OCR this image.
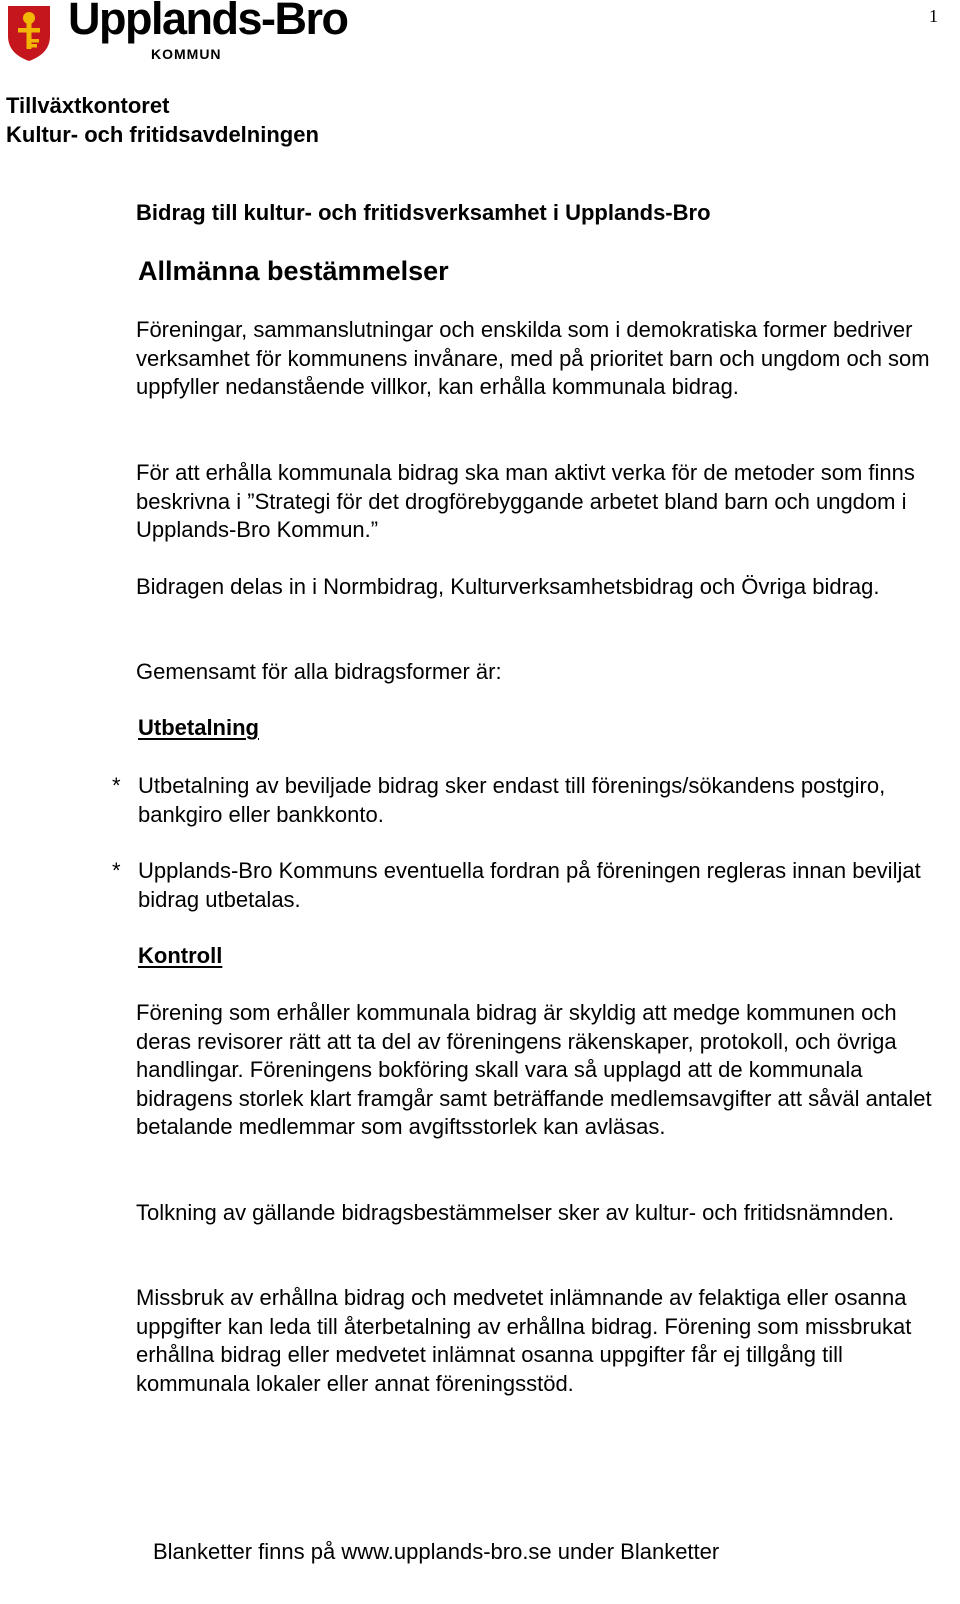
1
Upplands-Bro
KOMMUN
Tillväxtkontoret
Kultur- och fritidsavdelningen
Bidrag till kultur- och fritidsverksamhet i Upplands-Bro
Allmänna bestämmelser
Föreningar, sammanslutningar och enskilda som i demokratiska former bedriver verksamhet för kommunens invånare, med på prioritet barn och ungdom och som uppfyller nedanstående villkor, kan erhålla kommunala bidrag.
För att erhålla kommunala bidrag ska man aktivt verka för de metoder som finns beskrivna i ”Strategi för det drogförebyggande arbetet bland barn och ungdom i Upplands-Bro Kommun.”
Bidragen delas in i Normbidrag, Kulturverksamhetsbidrag och Övriga bidrag.
Gemensamt för alla bidragsformer är:
Utbetalning
* Utbetalning av beviljade bidrag sker endast till förenings/sökandens postgiro, bankgiro eller bankkonto.
* Upplands-Bro Kommuns eventuella fordran på föreningen regleras innan beviljat bidrag utbetalas.
Kontroll
Förening som erhåller kommunala bidrag är skyldig att medge kommunen och deras revisorer rätt att ta del av föreningens räkenskaper, protokoll, och övriga handlingar. Föreningens bokföring skall vara så upplagd att de kommunala bidragens storlek klart framgår samt beträffande medlemsavgifter att såväl antalet betalande medlemmar som avgiftsstorlek kan avläsas.
Tolkning av gällande bidragsbestämmelser sker av kultur- och fritidsnämnden.
Missbruk av erhållna bidrag och medvetet inlämnande av felaktiga eller osanna uppgifter kan leda till återbetalning av erhållna bidrag. Förening som missbrukat erhållna bidrag eller medvetet inlämnat osanna uppgifter får ej tillgång till kommunala lokaler eller annat föreningsstöd.
Blanketter finns på www.upplands-bro.se under Blanketter
